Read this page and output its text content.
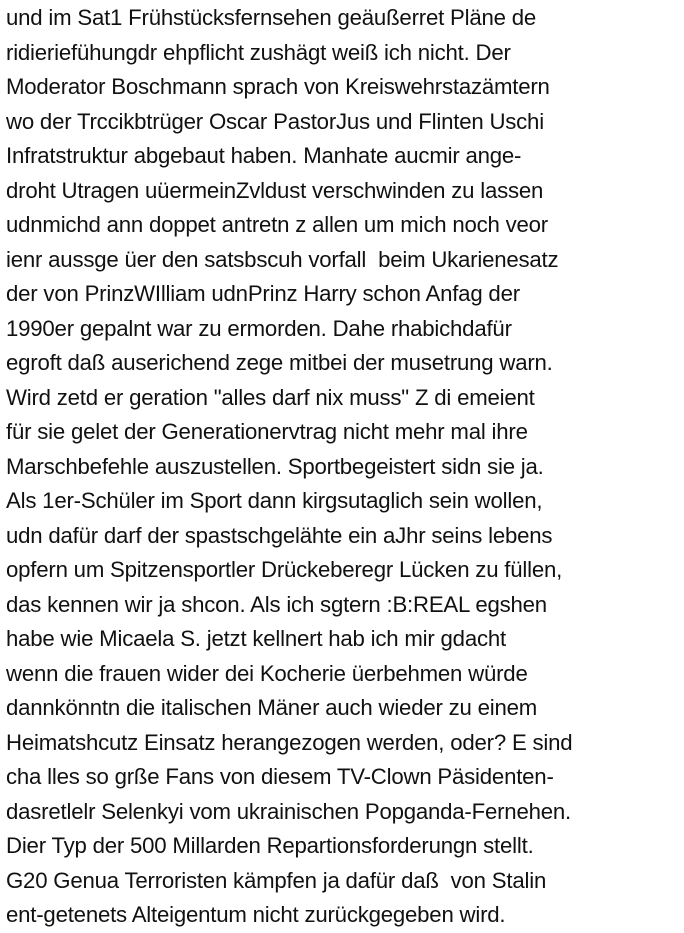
und im Sat1 Frühstücksfernsehen geäußerret Pläne de
ridieriefühungdr ehpflicht zushägt weiß ich nicht. Der
Moderator Boschmann sprach von Kreiswehrstazämtern
wo der Trccikbtrüger Oscar PastorJus und Flinten Uschi
Infratstruktur abgebaut haben. Manhate aucmir ange-
droht Utragen uüermeinZvldust verschwinden zu lassen
udnmichd ann doppet antretn z allen um mich noch veor
ienr aussge üer den satsbscuh vorfall  beim Ukarienesatz
der von PrinzWIlliam udnPrinz Harry schon Anfag der
1990er gepalnt war zu ermorden. Dahe rhabichdafür
egroft daß auserichend zege mitbei der musetrung warn.
Wird zetd er geration "alles darf nix muss" Z di emeient
für sie gelet der Generationervtrag nicht mehr mal ihre
Marschbefehle auszustellen. Sportbegeistert sidn sie ja.
Als 1er-Schüler im Sport dann kirgsutaglich sein wollen,
udn dafür darf der spastschgelähte ein aJhr seins lebens
opfern um Spitzensportler Drückeberegr Lücken zu füllen,
das kennen wir ja shcon. Als ich sgtern :B:REAL egshen
habe wie Micaela S. jetzt kellnert hab ich mir gdacht
wenn die frauen wider dei Kocherie üerbehmen würde
dannkönntn die italischen Mäner auch wieder zu einem
Heimatshcutz Einsatz herangezogen werden, oder? E sind
cha lles so grße Fans von diesem TV-Clown Päsidenten-
dasretlelr Selenkyi vom ukrainischen Popganda-Fernehen.
Dier Typ der 500 Millarden Repartionsforderungn stellt.
G20 Genua Terroristen kämpfen ja dafür daß  von Stalin
ent-getenets Alteigentum nicht zurückgegeben wird.
